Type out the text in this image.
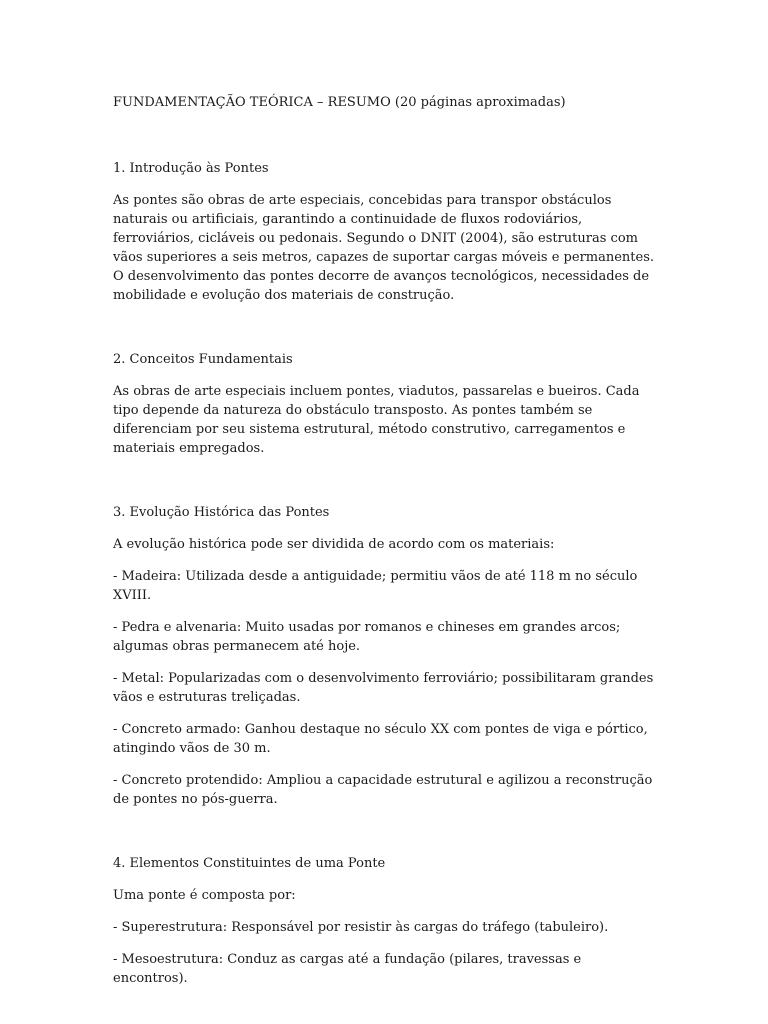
FUNDAMENTAÇÃO TEÓRICA – RESUMO (20 páginas aproximadas)
1. Introdução às Pontes

As pontes são obras de arte especiais, concebidas para transpor obstáculos naturais ou artificiais, garantindo a continuidade de fluxos rodoviários, ferroviários, cicláveis ou pedonais. Segundo o DNIT (2004), são estruturas com vãos superiores a seis metros, capazes de suportar cargas móveis e permanentes. O desenvolvimento das pontes decorre de avanços tecnológicos, necessidades de mobilidade e evolução dos materiais de construção.

2. Conceitos Fundamentais

As obras de arte especiais incluem pontes, viadutos, passarelas e bueiros. Cada tipo depende da natureza do obstáculo transposto. As pontes também se diferenciam por seu sistema estrutural, método construtivo, carregamentos e materiais empregados.

3. Evolução Histórica das Pontes

A evolução histórica pode ser dividida de acordo com os materiais:

- Madeira: Utilizada desde a antiguidade; permitiu vãos de até 118 m no século XVIII.

- Pedra e alvenaria: Muito usadas por romanos e chineses em grandes arcos; algumas obras permanecem até hoje.

- Metal: Popularizadas com o desenvolvimento ferroviário; possibilitaram grandes vãos e estruturas treliçadas.

- Concreto armado: Ganhou destaque no século XX com pontes de viga e pórtico, atingindo vãos de 30 m.

- Concreto protendido: Ampliou a capacidade estrutural e agilizou a reconstrução de pontes no pós-guerra.

4. Elementos Constituintes de uma Ponte

Uma ponte é composta por:

- Superestrutura: Responsável por resistir às cargas do tráfego (tabuleiro).

- Mesoestrutura: Conduz as cargas até a fundação (pilares, travessas e encontros).
